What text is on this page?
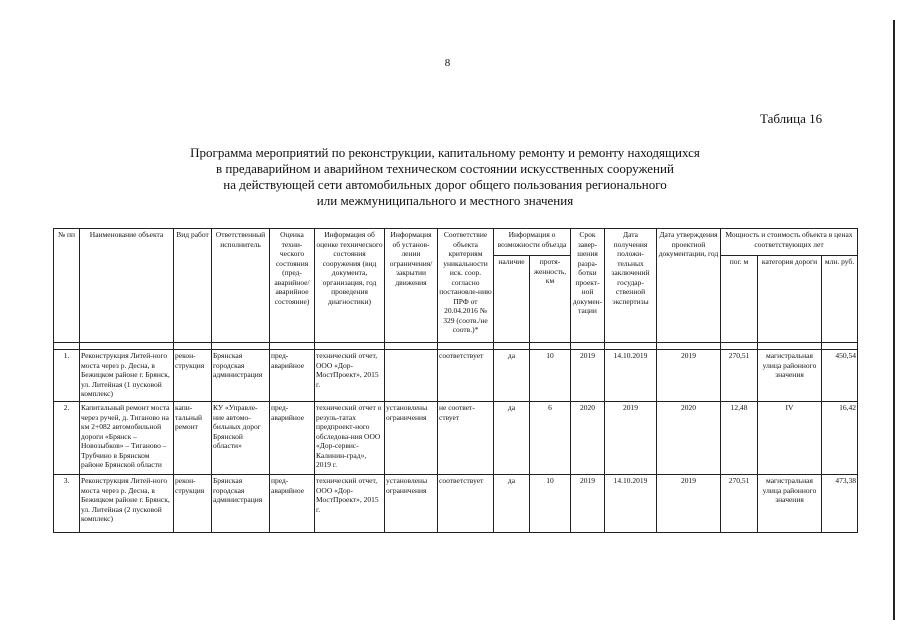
8
Таблица 16
Программа мероприятий по реконструкции, капитальному ремонту и ремонту находящихся
в предаварийном и аварийном техническом состоянии искусственных сооружений
на действующей сети автомобильных дорог общего пользования регионального
или межмуниципального и местного значения
№ пп	Наименование объекта	Вид работ	Ответственный исполнитель	Оценка техни-ческого состояния (пред-аварийное/ аварийное состояние)	Информация об оценке технического состояния сооружения (вид документа, организация, год проведения диагностики)	Информация об установ-лении ограничения/ закрытии движения	Соответствие объекта критериям уникальности иск. соор. согласно постановле-нию ПРФ от 20.04.2016 № 329 (соотв./не соотв.)*	Информация о возможности объезда		Срок завер-шения разра-ботки проект-ной докумен-тации	Дата получения положи-тельных заключений государ-ственной экспертизы	Дата утверждения проектной документации, год	Мощность и стоимость объекта в ценах соответствующих лет		
								наличие	протя-женность, км				пог. м	категория дороги	млн. руб.

1.	Реконструкция Литей-ного моста через р. Десна, в Бежицком районе г. Брянск, ул. Литейная (1 пусковой комплекс)	рекон-струкция	Брянская городская администрация	пред-аварийное	технический отчет, ООО «Дор-МостПроект», 2015 г.		соответствует	да	10	2019	14.10.2019	2019	270,51	магистральная улица районного значения	450,54
2.	Капитальный ремонт моста через ручей, д. Тиганово на км 2+082 автомобильной дороги «Брянск – Новозыбков» – Тиганово – Трубчино в Брянском районе Брянской области	капи-тальный ремонт	КУ «Управле-ние автомо-бильных дорог Брянской области»	пред-аварийное	технический отчет о резуль-татах предпроект-ного обследова-ния ООО «Дор-сервис-Калинин-град», 2019 г.	установлены ограничения	не соответ-ствует	да	6	2020	2019	2020	12,48	IV	16,42
3.	Реконструкция Литей-ного моста через р. Десна, в Бежицком районе г. Брянск, ул. Литейная (2 пусковой комплекс)	рекон-струкция	Брянская городская администрация	пред-аварийное	технический отчет, ООО «Дор-МостПроект», 2015 г.	установлены ограничения	соответствует	да	10	2019	14.10.2019	2019	270,51	магистральная улица районного значения	473,38
